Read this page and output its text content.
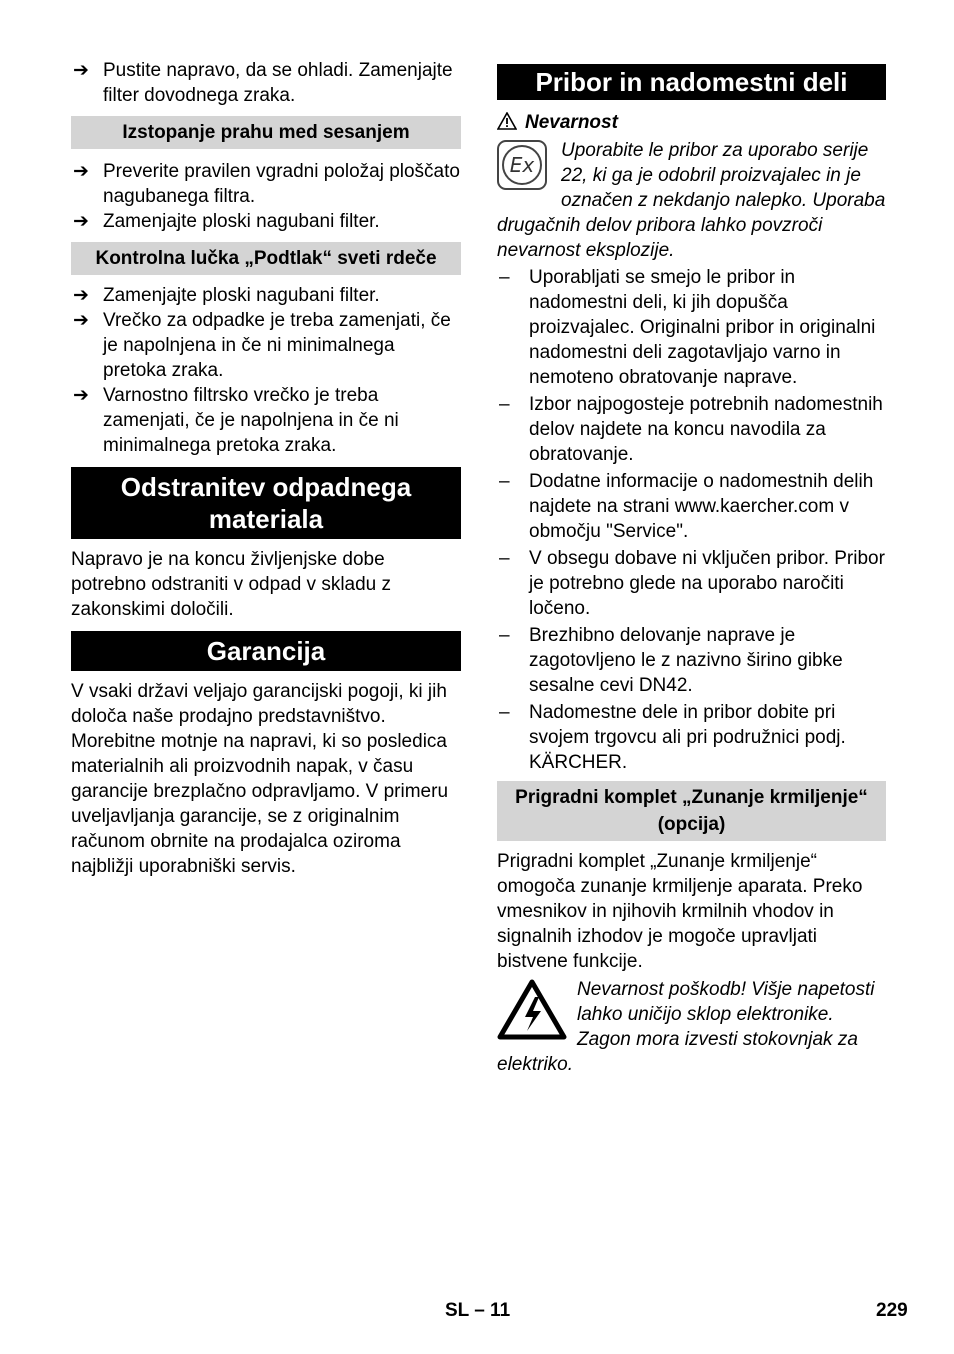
➔ Pustite napravo, da se ohladi. Zamenjajte filter dovodnega zraka.

Izstopanje prahu med sesanjem

➔ Preverite pravilen vgradni položaj ploščato nagubanega filtra.

➔ Zamenjajte ploski nagubani filter.

Kontrolna lučka „Podtlak“ sveti rdeče

➔ Zamenjajte ploski nagubani filter.

➔ Vrečko za odpadke je treba zamenjati, če je napolnjena in če ni minimalnega pretoka zraka.

➔ Varnostno filtrsko vrečko je treba zamenjati, če je napolnjena in če ni minimalnega pretoka zraka.

Odstranitev odpadnega materiala

Napravo je na koncu življenjske dobe potrebno odstraniti v odpad v skladu z zakonskimi določili.

Garancija

V vsaki državi veljajo garancijski pogoji, ki jih določa naše prodajno predstavništvo. Morebitne motnje na napravi, ki so posledica materialnih ali proizvodnih napak, v času garancije brezplačno odpravljamo. V primeru uveljavljanja garancije, se z originalnim računom obrnite na prodajalca oziroma najbližji uporabniški servis.

Pribor in nadomestni deli
Nevarnost
Ex
Uporabite le pribor za uporabo serije 22, ki ga je odobril proizvajalec in je označen z nekdanjo nalepko. Uporaba drugačnih delov pribora lahko povzroči nevarnost eksplozije.

– Uporabljati se smejo le pribor in nadomestni deli, ki jih dopušča proizvajalec. Originalni pribor in originalni nadomestni deli zagotavljajo varno in nemoteno obratovanje naprave.

– Izbor najpogosteje potrebnih nadomestnih delov najdete na koncu navodila za obratovanje.

– Dodatne informacije o nadomestnih delih najdete na strani www.kaercher.com v območju "Service".

– V obsegu dobave ni vključen pribor. Pribor je potrebno glede na uporabo naročiti ločeno.

– Brezhibno delovanje naprave je zagotovljeno le z nazivno širino gibke sesalne cevi DN42.

– Nadomestne dele in pribor dobite pri svojem trgovcu ali pri podružnici podj. KÄRCHER.

Prigradni komplet „Zunanje krmiljenje“ (opcija)

Prigradni komplet „Zunanje krmiljenje“ omogoča zunanje krmiljenje aparata. Preko vmesnikov in njihovih krmilnih vhodov in signalnih izhodov je mogoče upravljati bistvene funkcije.

Nevarnost poškodb! Višje napetosti lahko uničijo sklop elektronike. Zagon mora izvesti stokovnjak za elektriko.
SL – 11	229
